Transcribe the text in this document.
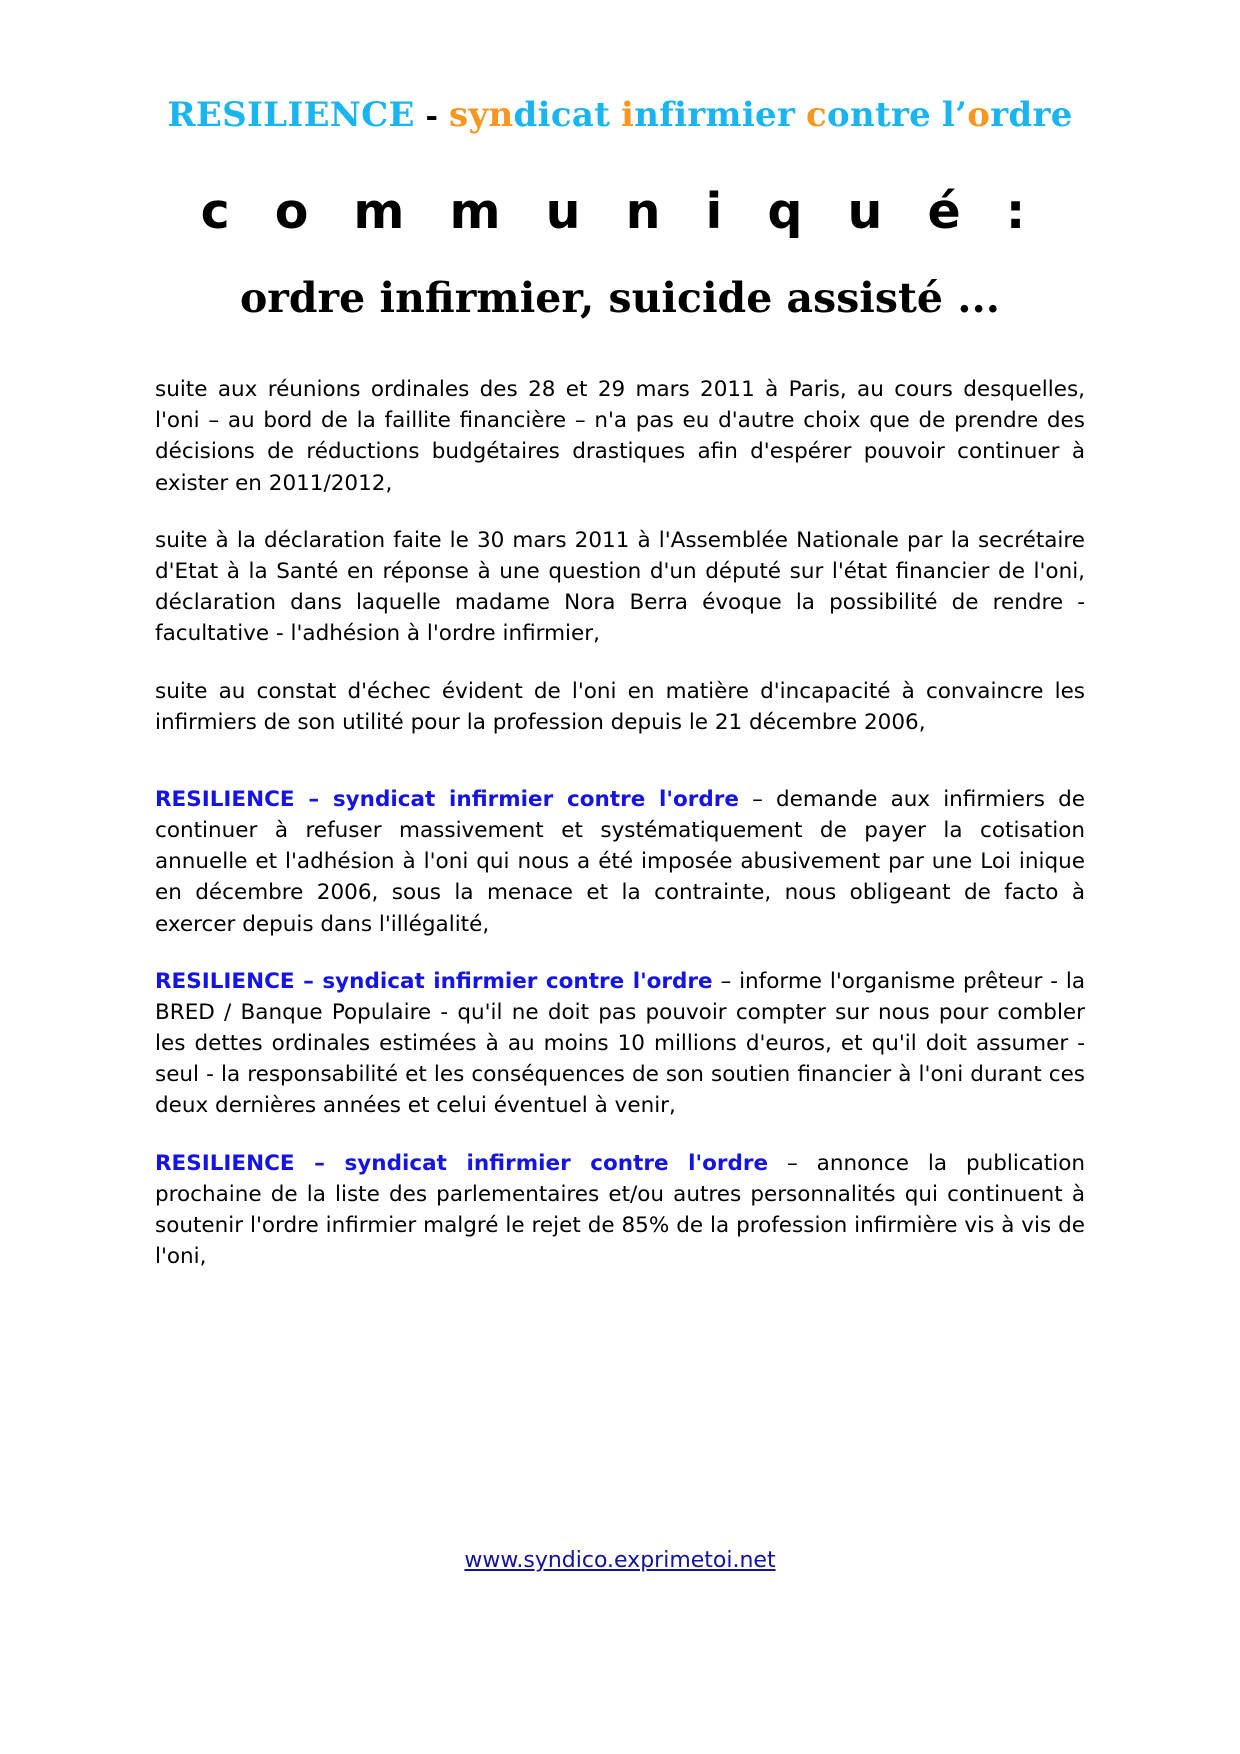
RESILIENCE - syndicat infirmier contre l’ordre
c o m m u n i q u é :
ordre infirmier, suicide assisté ...

suite aux réunions ordinales des 28 et 29 mars 2011 à Paris, au cours desquelles, l'oni – au bord de la faillite financière – n'a pas eu d'autre choix que de prendre des décisions de réductions budgétaires drastiques afin d'espérer pouvoir continuer à exister en 2011/2012,

suite à la déclaration faite le 30 mars 2011 à l'Assemblée Nationale par la secrétaire d'Etat à la Santé en réponse à une question d'un député sur l'état financier de l'oni, déclaration dans laquelle madame Nora Berra évoque la possibilité de rendre - facultative - l'adhésion à l'ordre infirmier,

suite au constat d'échec évident de l'oni en matière d'incapacité à convaincre les infirmiers de son utilité pour la profession depuis le 21 décembre 2006,

RESILIENCE – syndicat infirmier contre l'ordre – demande aux infirmiers de continuer à refuser massivement et systématiquement de payer la cotisation annuelle et l'adhésion à l'oni qui nous a été imposée abusivement par une Loi inique en décembre 2006, sous la menace et la contrainte, nous obligeant de facto à exercer depuis dans l'illégalité,

RESILIENCE – syndicat infirmier contre l'ordre – informe l'organisme prêteur - la BRED / Banque Populaire - qu'il ne doit pas pouvoir compter sur nous pour combler les dettes ordinales estimées à au moins 10 millions d'euros, et qu'il doit assumer - seul - la responsabilité et les conséquences de son soutien financier à l'oni durant ces deux dernières années et celui éventuel à venir,

RESILIENCE – syndicat infirmier contre l'ordre – annonce la publication prochaine de la liste des parlementaires et/ou autres personnalités qui continuent à soutenir l'ordre infirmier malgré le rejet de 85% de la profession infirmière vis à vis de l'oni,

www.syndico.exprimetoi.net
